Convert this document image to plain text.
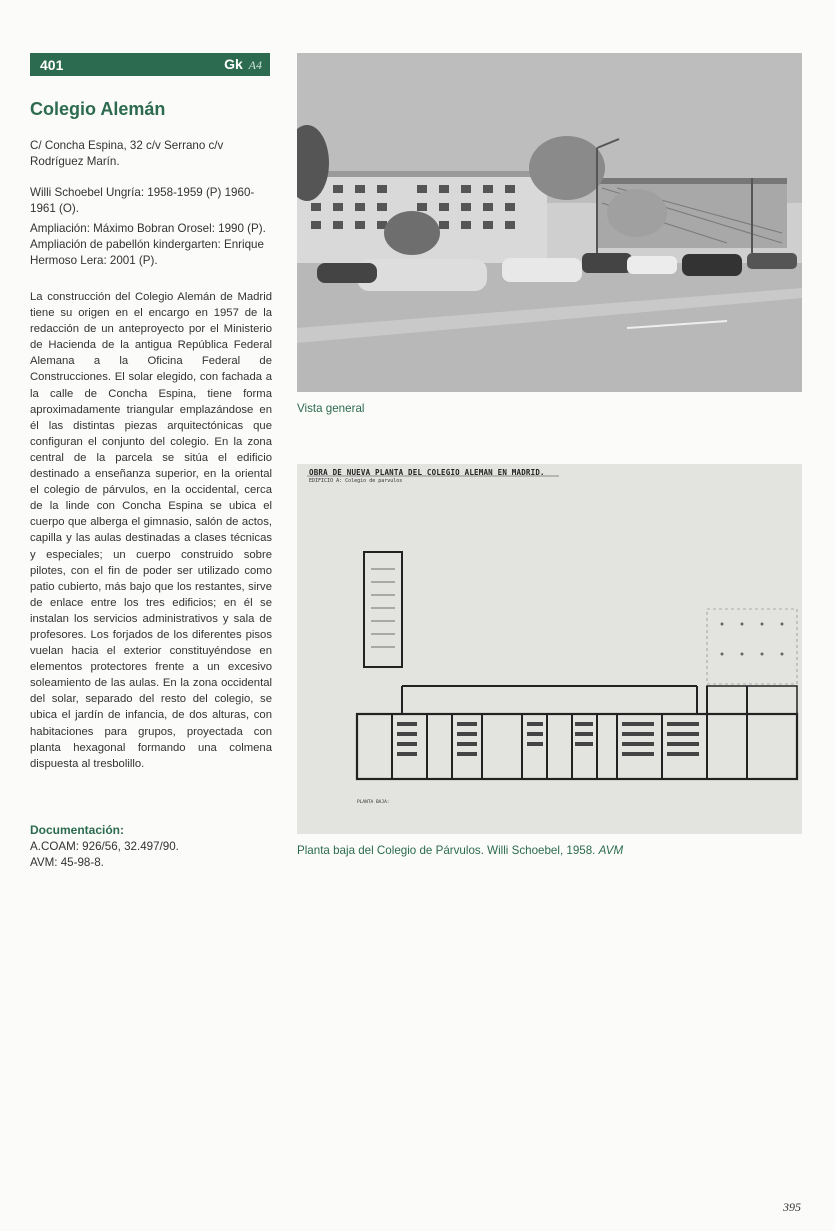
401	Gk A4
Colegio Alemán

C/ Concha Espina, 32 c/v Serrano c/v Rodríguez Marín.

Willi Schoebel Ungría: 1958-1959 (P) 1960-1961 (O).

Ampliación: Máximo Bobran Orosel: 1990 (P). Ampliación de pabellón kindergarten: Enrique Hermoso Lera: 2001 (P).

La construcción del Colegio Alemán de Madrid tiene su origen en el encargo en 1957 de la redacción de un anteproyecto por el Ministerio de Hacienda de la antigua República Federal Alemana a la Oficina Federal de Construcciones. El solar elegido, con fachada a la calle de Concha Espina, tiene forma aproximadamente triangular emplazándose en él las distintas piezas arquitectónicas que configuran el conjunto del colegio. En la zona central de la parcela se sitúa el edificio destinado a enseñanza superior, en la oriental el colegio de párvulos, en la occidental, cerca de la linde con Concha Espina se ubica el cuerpo que alberga el gimnasio, salón de actos, capilla y las aulas destinadas a clases técnicas y especiales; un cuerpo construido sobre pilotes, con el fin de poder ser utilizado como patio cubierto, más bajo que los restantes, sirve de enlace entre los tres edificios; en él se instalan los servicios administrativos y sala de profesores. Los forjados de los diferentes pisos vuelan hacia el exterior constituyéndose en elementos protectores frente a un excesivo soleamiento de las aulas. En la zona occidental del solar, separado del resto del colegio, se ubica el jardín de infancia, de dos alturas, con habitaciones para grupos, proyectada con planta hexagonal formando una colmena dispuesta al tresbolillo.

Documentación:

A.COAM: 926/56, 32.497/90.

AVM: 45-98-8.

Vista general

OBRA DE NUEVA PLANTA DEL COLEGIO ALEMAN EN MADRID.

EDIFICIO A: Colegio de parvulos

PLANTA BAJA:

Planta baja del Colegio de Párvulos. Willi Schoebel, 1958. AVM

395
